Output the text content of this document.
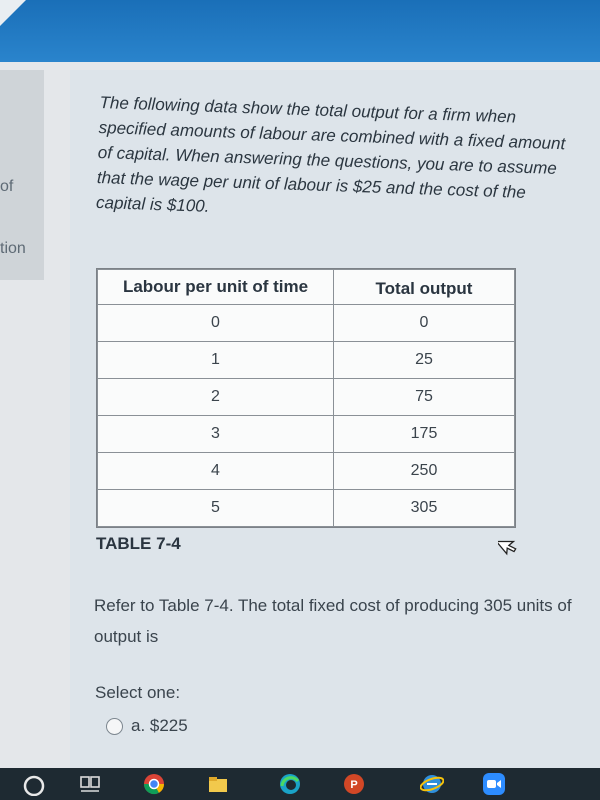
of
tion

The following data show the total output for a firm when specified amounts of labour are combined with a fixed amount of capital. When answering the questions, you are to assume that the wage per unit of labour is $25 and the cost of the capital is $100.

Labour per unit of time	Total output
0	0
1	25
2	75
3	175
4	250
5	305
TABLE 7-4

Refer to Table 7-4. The total fixed cost of producing 305 units of output is

Select one:
a. $225
P
